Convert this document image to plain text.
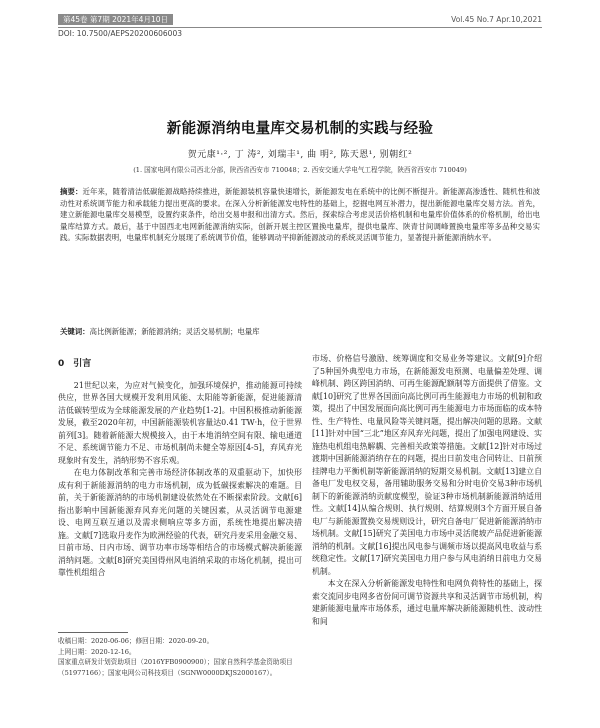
第45卷 第7期 2021年4月10日	Vol.45 No.7 Apr.10,2021
DOI: 10.7500/AEPS20200606003
新能源消纳电量库交易机制的实践与经验
贺元康¹·², 丁 涛², 刘瑞丰¹, 曲 明², 陈天恩¹, 别朝红²
(1. 国家电网有限公司西北分部，陕西省西安市 710048；2. 西安交通大学电气工程学院，陕西省西安市 710049)
摘要：近年来，随着清洁低碳能源战略持续推进，新能源装机容量快速增长，新能源发电在系统中的比例不断提升。新能源高渗透性、随机性和波动性对系统调节能力和承载能力提出更高的要求。在深入分析新能源发电特性的基础上，挖掘电网互补潜力，提出新能源电量库交易方法。首先，建立新能源电量库交易模型，设置约束条件，给出交易申报和出清方式。然后，探索综合考虑灵活价格机制和电量库价值体系的价格机制，给出电量库结算方式。最后，基于中国西北电网新能源消纳实际，创新开展主控区置换电量库，提供电量库、陕青甘间调峰置换电量库等多品种交易实践。实际数据表明，电量库机制充分展现了系统调节价值，能够调动平抑新能源波动的系统灵活调节能力，显著提升新能源消纳水平。
关键词：高比例新能源；新能源消纳；灵活交易机制；电量库
0　引言

21世纪以来，为应对气候变化，加强环境保护，推动能源可持续供应，世界各国大规模开发利用风能、太阳能等新能源，促进能源清洁低碳转型成为全球能源发展的产业趋势[1-2]。中国积极推动新能源发展，截至2020年初，中国新能源装机容量达0.41 TW·h，位于世界前列[3]。随着新能源大规模接入，由于本地消纳空间有限、输电通道不足、系统调节能力不足、市场机制尚未健全等原因[4-5]，弃风弃光现象时有发生，消纳形势不容乐观。

在电力体制改革和完善市场经济体制改革的双重驱动下，加快形成有利于新能源消纳的电力市场机制，成为低碳探索解决的难题。目前，关于新能源消纳的市场机制建设依然处在不断探索阶段。文献[6]指出影响中国新能源弃风弃光问题的关键因素，从灵活调节电源建设、电网互联互通以及需求侧响应等多方面，系统性地提出解决措施。文献[7]选取丹麦作为欧洲经验的代表，研究丹麦采用金融交易、日前市场、日内市场、调节功率市场等相结合的市场模式解决新能源消纳问题。文献[8]研究美国得州风电消纳采取的市场化机制，提出可靠性机组组合

市场、价格信号激励、统筹调度和交易业务等建议。文献[9]介绍了5种国外典型电力市场，在新能源发电预测、电量偏差处理、调峰机制、跨区跨国消纳、可再生能源配额制等方面提供了借鉴。文献[10]研究了世界各国面向高比例可再生能源电力市场的机制和政策，提出了中国发展面向高比例可再生能源电力市场面临的成本特性、生产特性、电量风险等关键问题，提出解决问题的思路。文献[11]针对中国“三北”地区弃风弃光问题，提出了加强电网建设、实施热电机组电热解耦、完善相关政策等措施。文献[12]针对市场过渡期中国新能源消纳存在的问题，提出日前发电合同转让、日前预挂牌电力平衡机制等新能源消纳的短期交易机制。文献[13]建立自备电厂发电权交易，备用辅助服务交易和分时电价交易3种市场机制下的新能源消纳贡献度模型，验证3种市场机制新能源消纳适用性。文献[14]从编合规则、执行规则、结算规则3个方面开展自备电厂与新能源置换交易规则设计，研究自备电厂促进新能源消纳市场机制。文献[15]研究了美国电力市场中灵活爬坡产品促进新能源消纳的机制。文献[16]提出风电参与调频市场以提高风电收益与系统稳定性。文献[17]研究美国电力用户参与风电消纳日前电力交易机制。

本文在深入分析新能源发电特性和电网负荷特性的基础上，探索交流同步电网多省份间可调节资源共享和灵活调节市场机制，构建新能源电量库市场体系，通过电量库解决新能源随机性、波动性和间

收稿日期：2020-06-06；修回日期：2020-09-20。
上网日期：2020-12-16。
国家重点研发计划资助项目（2016YFB0900900）；国家自然科学基金资助项目（51977166）；国家电网公司科技项目（SGNW0000DKJS2000167）。
